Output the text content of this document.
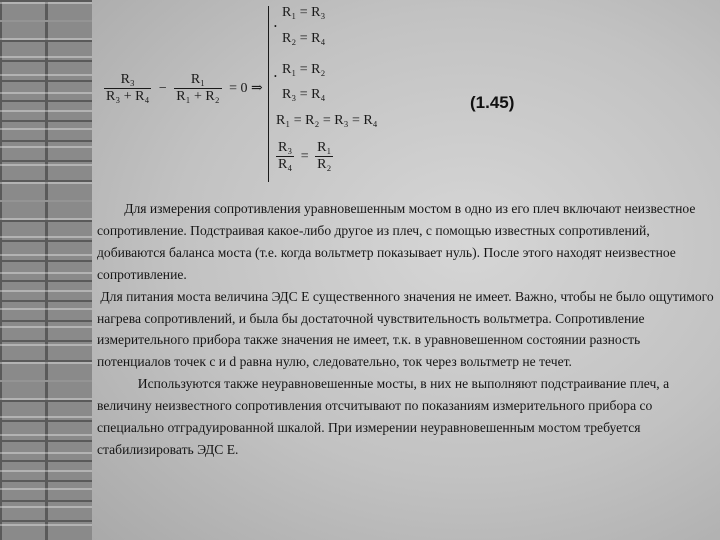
$\frac{\text{R₃}}{\text{R₃ + R₄}} - \frac{\text{R₁}}{\text{R₁ + R₂}} = 0$ ⇒
•
•
R₁ = R₃
R₂ = R₄
R₁ = R₂
R₃ = R₄
R₁ = R₂ = R₃ = R₄
$\frac{\text{R₃}}{\text{R₄}} = \frac{\text{R₁}}{\text{R₂}}$
(1.45)

Для измерения сопротивления уравновешенным мостом в одно из его плеч включают неизвестное сопротивление. Подстраивая какое-либо другое из плеч, с помощью известных сопротивлений, добиваются баланса моста (т.е. когда вольтметр показывает нуль). После этого находят неизвестное сопротивление.

Для питания моста величина ЭДС E существенного значения не имеет. Важно, чтобы не было ощутимого нагрева сопротивлений, и была бы достаточной чувствительность вольтметра. Сопротивление измерительного прибора также значения не имеет, т.к. в уравновешенном состоянии разность потенциалов точек c и d равна нулю, следовательно, ток через вольтметр не течет.

Используются также неуравновешенные мосты, в них не выполняют подстраивание плеч, а величину неизвестного сопротивления отсчитывают по показаниям измерительного прибора со специально отградуированной шкалой. При измерении неуравновешенным мостом требуется стабилизировать ЭДС E.
